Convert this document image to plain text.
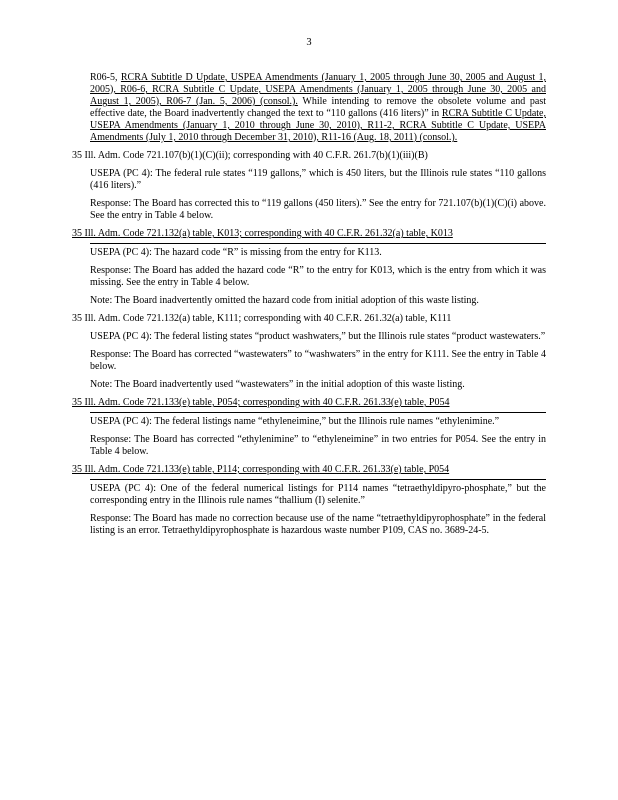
3

R06-5, RCRA Subtitle D Update, USPEA Amendments (January 1, 2005 through June 30, 2005 and August 1, 2005), R06-6, RCRA Subtitle C Update, USEPA Amendments (January 1, 2005 through June 30, 2005 and August 1, 2005), R06-7 (Jan. 5, 2006) (consol.). While intending to remove the obsolete volume and past effective date, the Board inadvertently changed the text to “110 gallons (416 liters)” in RCRA Subtitle C Update, USEPA Amendments (January 1, 2010 through June 30, 2010), R11-2, RCRA Subtitle C Update, USEPA Amendments (July 1, 2010 through December 31, 2010), R11-16 (Aug. 18, 2011) (consol.).

35 Ill. Adm. Code 721.107(b)(1)(C)(ii); corresponding with 40 C.F.R. 261.7(b)(1)(iii)(B)

USEPA (PC 4): The federal rule states “119 gallons,” which is 450 liters, but the Illinois rule states “110 gallons (416 liters).”

Response: The Board has corrected this to “119 gallons (450 liters).” See the entry for 721.107(b)(1)(C)(i) above. See the entry in Table 4 below.

35 Ill. Adm. Code 721.132(a) table, K013; corresponding with 40 C.F.R. 261.32(a) table, K013

USEPA (PC 4): The hazard code “R” is missing from the entry for K113.

Response: The Board has added the hazard code “R” to the entry for K013, which is the entry from which it was missing. See the entry in Table 4 below.

Note: The Board inadvertently omitted the hazard code from initial adoption of this waste listing.

35 Ill. Adm. Code 721.132(a) table, K111; corresponding with 40 C.F.R. 261.32(a) table, K111

USEPA (PC 4): The federal listing states “product washwaters,” but the Illinois rule states “product wastewaters.”

Response: The Board has corrected “wastewaters” to “washwaters” in the entry for K111. See the entry in Table 4 below.

Note: The Board inadvertently used “wastewaters” in the initial adoption of this waste listing.

35 Ill. Adm. Code 721.133(e) table, P054; corresponding with 40 C.F.R. 261.33(e) table, P054

USEPA (PC 4): The federal listings name “ethyleneimine,” but the Illinois rule names “ethylenimine.”

Response: The Board has corrected “ethylenimine” to “ethyleneimine” in two entries for P054. See the entry in Table 4 below.

35 Ill. Adm. Code 721.133(e) table, P114; corresponding with 40 C.F.R. 261.33(e) table, P054

USEPA (PC 4): One of the federal numerical listings for P114 names “tetraethyldipyro-phosphate,” but the corresponding entry in the Illinois rule names “thallium (I) selenite.”

Response: The Board has made no correction because use of the name “tetraethyldipyrophosphate” in the federal listing is an error. Tetraethyldipyrophosphate is hazardous waste number P109, CAS no. 3689-24-5.
